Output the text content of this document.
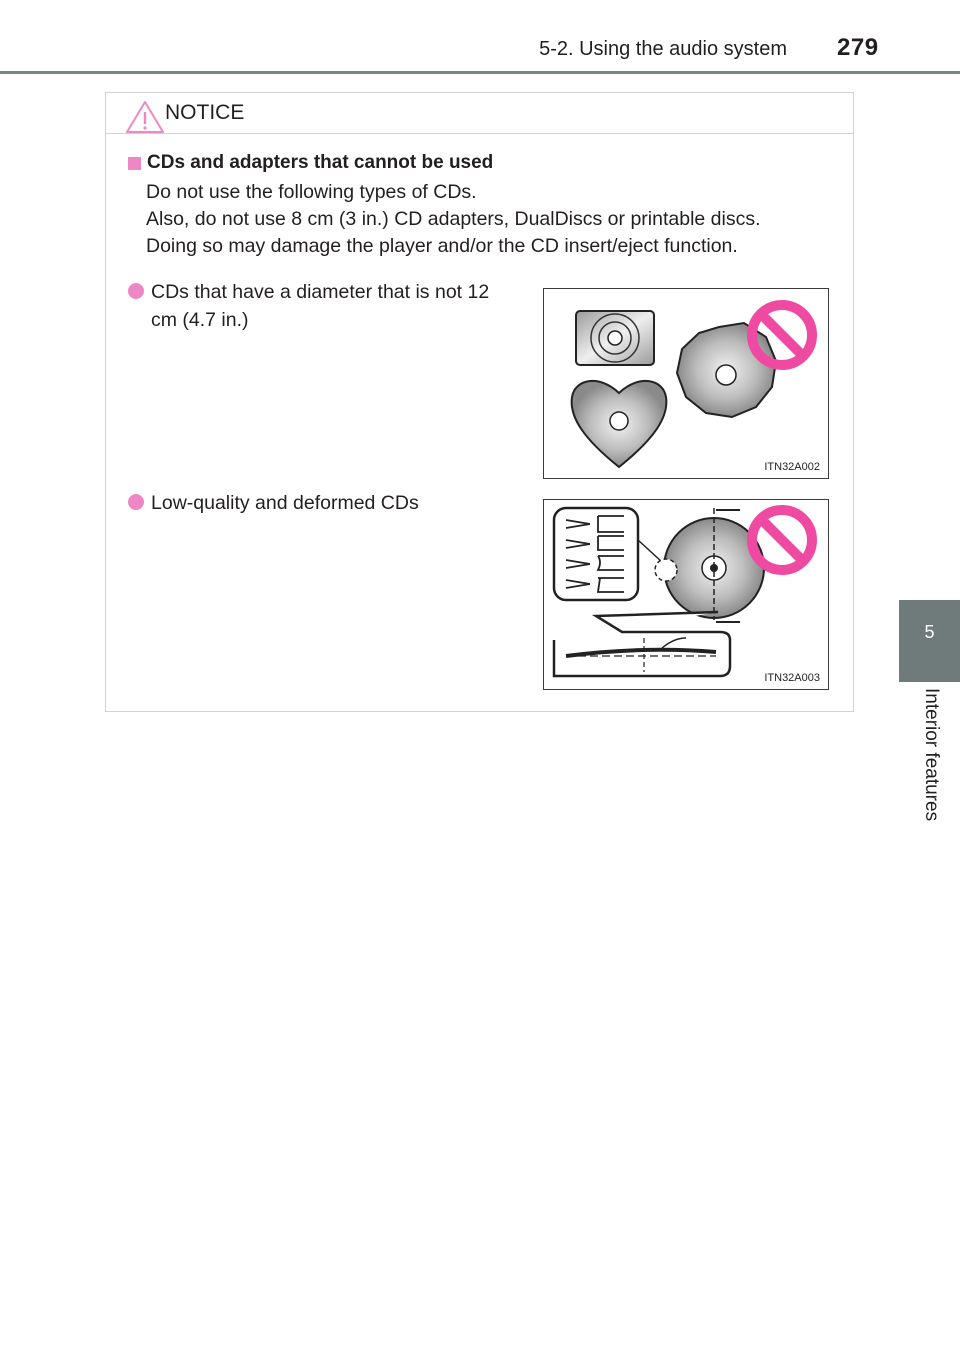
5-2. Using the audio system 279
5
Interior features
NOTICE
CDs and adapters that cannot be used
Do not use the following types of CDs.
Also, do not use 8 cm (3 in.) CD adapters, DualDiscs or printable discs.
Doing so may damage the player and/or the CD insert/eject function.
CDs that have a diameter that is not 12
cm (4.7 in.)
Low-quality and deformed CDs
ITN32A002
ITN32A003
